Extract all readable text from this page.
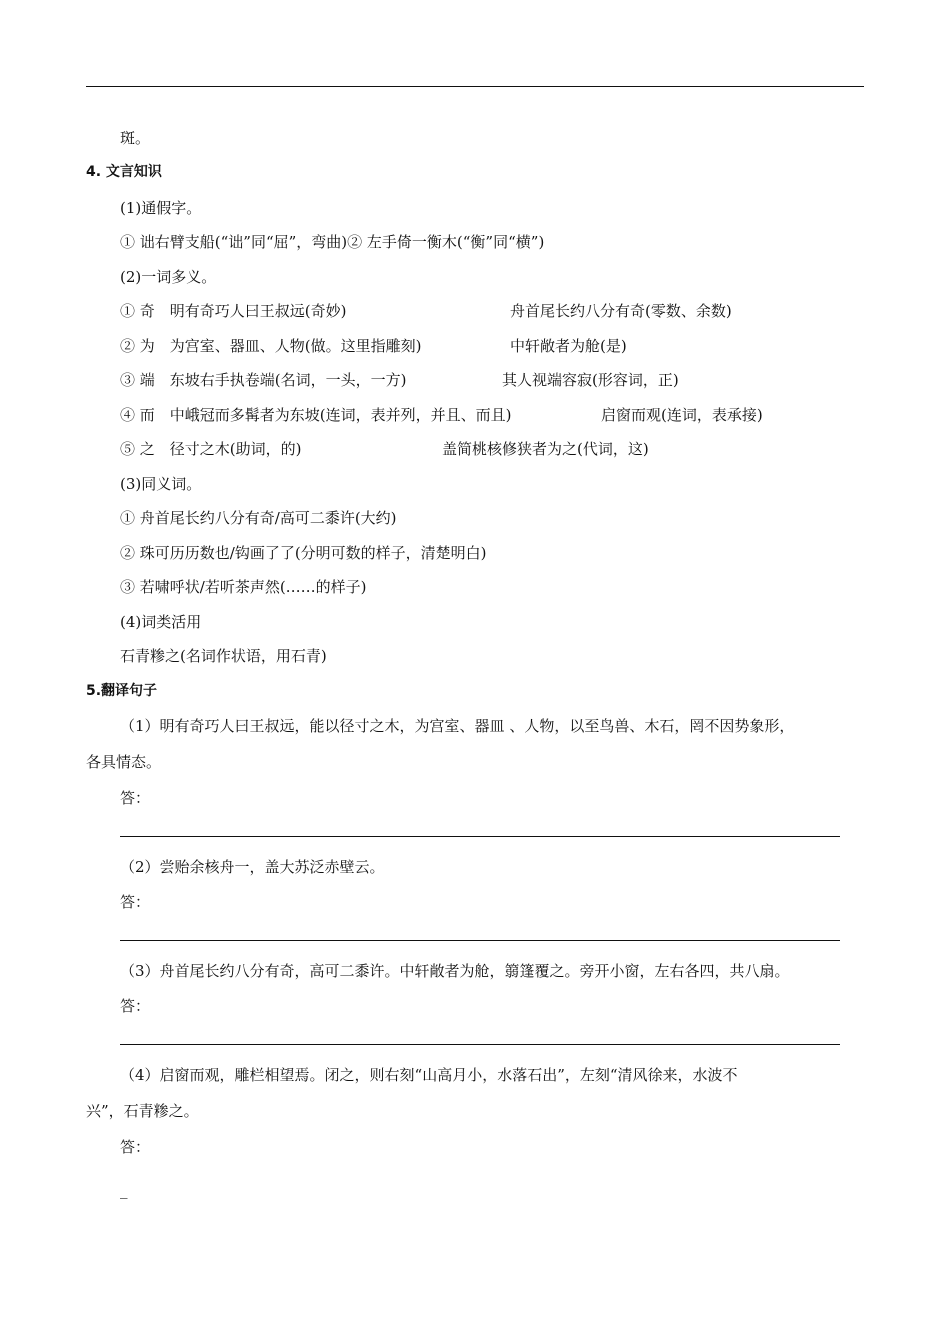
斑。
4. 文言知识
(1)通假字。
① 诎右臂支船(“诎”同“屈”，弯曲)② 左手倚一衡木(“衡”同“横”)
(2)一词多义。
① 奇　明有奇巧人曰王叔远(奇妙)	舟首尾长约八分有奇(零数、余数)
② 为　为宫室、器皿、人物(做。这里指雕刻)	中轩敞者为舱(是)
③ 端　东坡右手执卷端(名词，一头，一方)	其人视端容寂(形容词，正)
④ 而　中峨冠而多髯者为东坡(连词，表并列，并且、而且)	启窗而观(连词，表承接)
⑤ 之　径寸之木(助词，的)	盖简桃核修狭者为之(代词，这)
(3)同义词。
① 舟首尾长约八分有奇/高可二黍许(大约)
② 珠可历历数也/钩画了了(分明可数的样子，清楚明白)
③ 若啸呼状/若听茶声然(……的样子)
(4)词类活用
石青糁之(名词作状语，用石青)
5.翻译句子
（1）明有奇巧人曰王叔远，能以径寸之木，为宫室、器皿 、人物，以至鸟兽、木石，罔不因势象形，
各具情态。
答：
（2）尝贻余核舟一，盖大苏泛赤壁云。
答：
（3）舟首尾长约八分有奇，高可二黍许。中轩敞者为舱，篛篷覆之。旁开小窗，左右各四，共八扇。
答：
（4）启窗而观，雕栏相望焉。闭之，则右刻“山高月小，水落石出”，左刻“清风徐来，水波不
兴”，石青糁之。
答：
_
